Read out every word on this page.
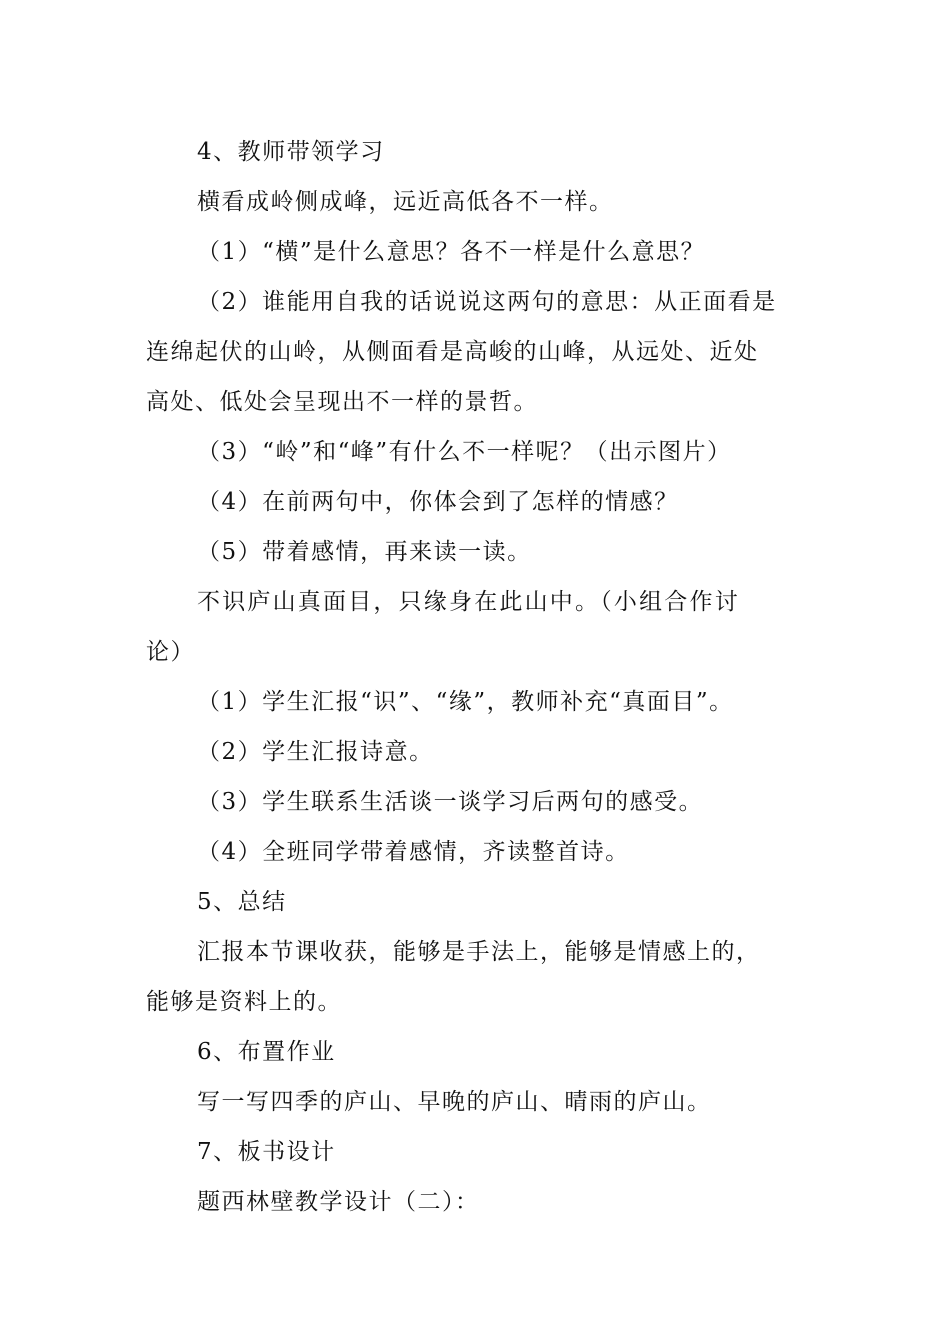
4、教师带领学习
横看成岭侧成峰，远近高低各不一样。
（1）“横”是什么意思？各不一样是什么意思？
（2）谁能用自我的话说说这两句的意思：从正面看是
连绵起伏的山岭，从侧面看是高峻的山峰，从远处、近处
高处、低处会呈现出不一样的景哲。
（3）“岭”和“峰”有什么不一样呢？（出示图片）
（4）在前两句中，你体会到了怎样的情感？
（5）带着感情，再来读一读。
不识庐山真面目，只缘身在此山中。（小组合作讨
论）
（1）学生汇报“识”、“缘”，教师补充“真面目”。
（2）学生汇报诗意。
（3）学生联系生活谈一谈学习后两句的感受。
（4）全班同学带着感情，齐读整首诗。
5、总结
汇报本节课收获，能够是手法上，能够是情感上的，
能够是资料上的。
6、布置作业
写一写四季的庐山、早晚的庐山、晴雨的庐山。
7、板书设计
题西林壁教学设计（二）：
